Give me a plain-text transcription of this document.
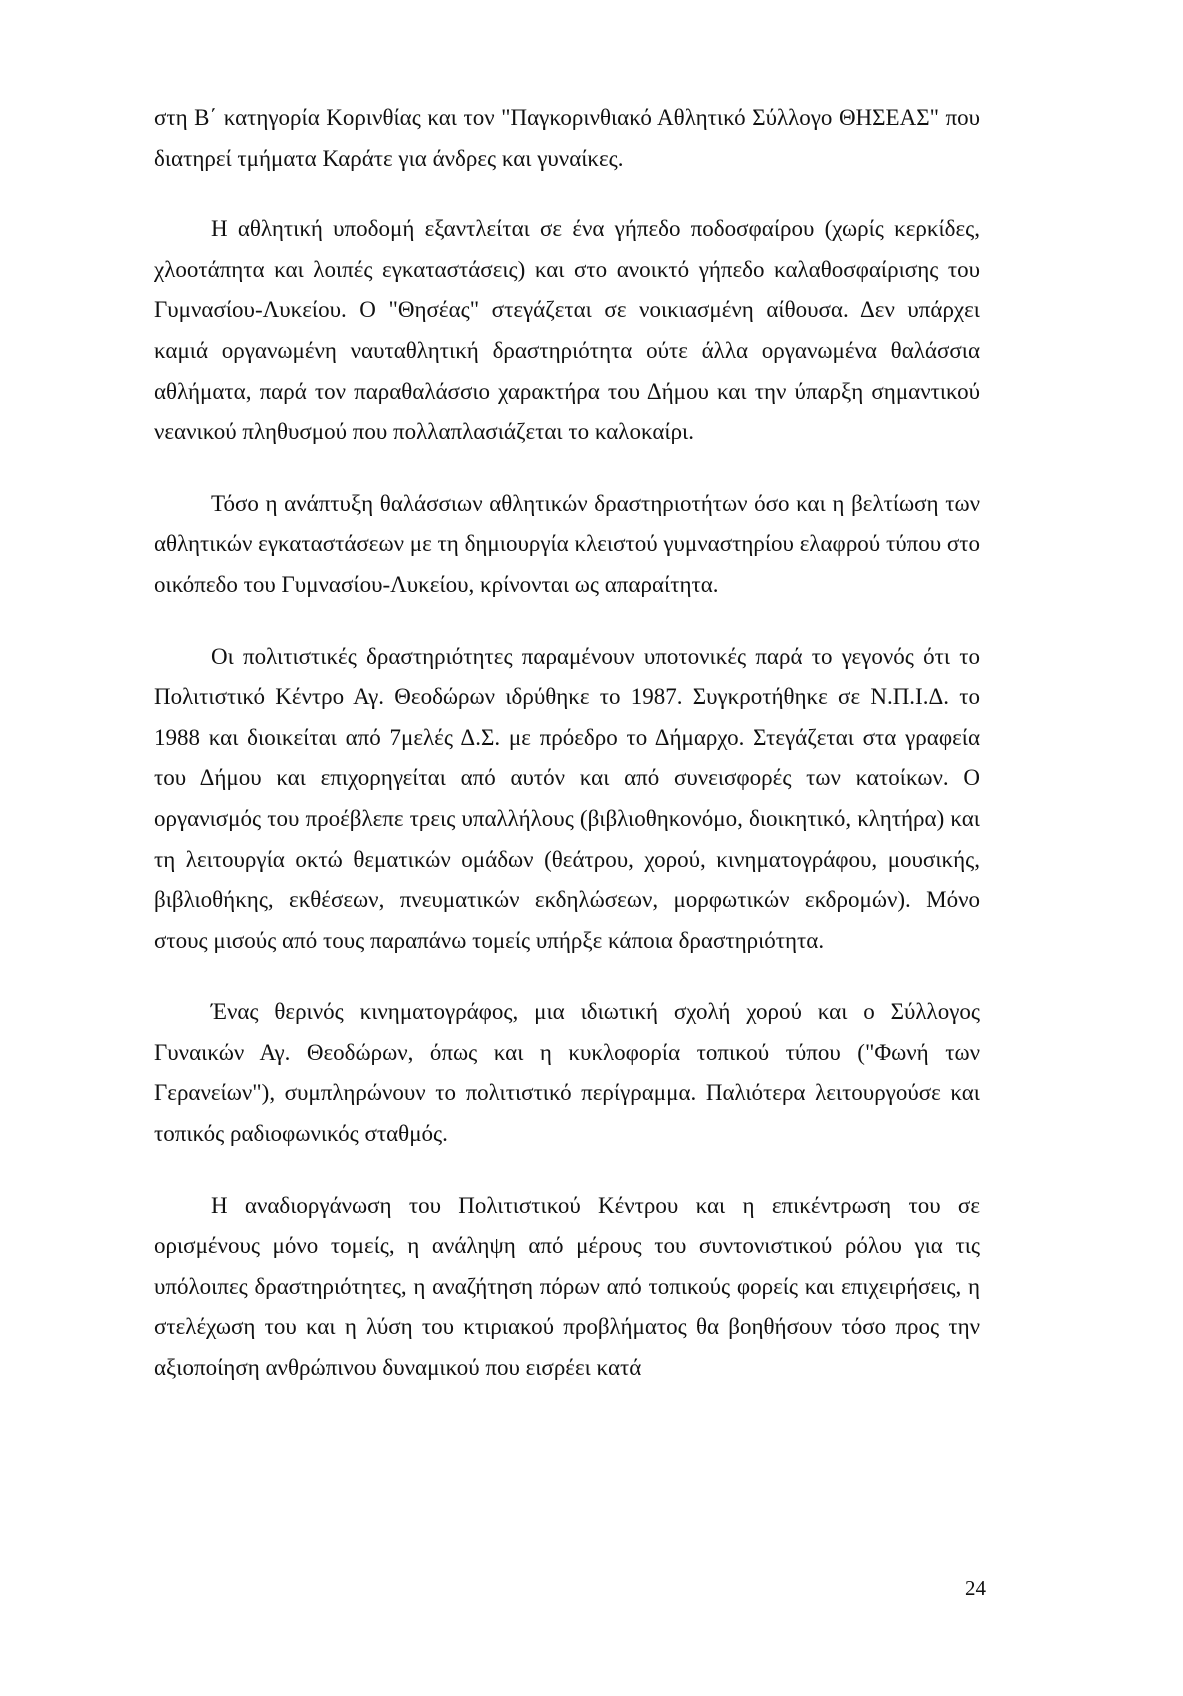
στη Β΄ κατηγορία Κορινθίας και τον "Παγκορινθιακό Αθλητικό Σύλλογο ΘΗΣΕΑΣ" που διατηρεί τμήματα Καράτε για άνδρες και γυναίκες.

Η αθλητική υποδομή εξαντλείται σε ένα γήπεδο ποδοσφαίρου (χωρίς κερκίδες, χλοοτάπητα και λοιπές εγκαταστάσεις) και στο ανοικτό γήπεδο καλαθοσφαίρισης του Γυμνασίου-Λυκείου. Ο "Θησέας" στεγάζεται σε νοικιασμένη αίθουσα. Δεν υπάρχει καμιά οργανωμένη ναυταθλητική δραστηριότητα ούτε άλλα οργανωμένα θαλάσσια αθλήματα, παρά τον παραθαλάσσιο χαρακτήρα του Δήμου και την ύπαρξη σημαντικού νεανικού πληθυσμού που πολλαπλασιάζεται το καλοκαίρι.

Τόσο η ανάπτυξη θαλάσσιων αθλητικών δραστηριοτήτων όσο και η βελτίωση των αθλητικών εγκαταστάσεων με τη δημιουργία κλειστού γυμναστηρίου ελαφρού τύπου στο οικόπεδο του Γυμνασίου-Λυκείου, κρίνονται ως απαραίτητα.

Οι πολιτιστικές δραστηριότητες παραμένουν υποτονικές παρά το γεγονός ότι το Πολιτιστικό Κέντρο Αγ. Θεοδώρων ιδρύθηκε το 1987. Συγκροτήθηκε σε Ν.Π.Ι.Δ. το 1988 και διοικείται από 7μελές Δ.Σ. με πρόεδρο το Δήμαρχο. Στεγάζεται στα γραφεία του Δήμου και επιχορηγείται από αυτόν και από συνεισφορές των κατοίκων. Ο οργανισμός του προέβλεπε τρεις υπαλλήλους (βιβλιοθηκονόμο, διοικητικό, κλητήρα) και τη λειτουργία οκτώ θεματικών ομάδων (θεάτρου, χορού, κινηματογράφου, μουσικής, βιβλιοθήκης, εκθέσεων, πνευματικών εκδηλώσεων, μορφωτικών εκδρομών). Μόνο στους μισούς από τους παραπάνω τομείς υπήρξε κάποια δραστηριότητα.

Ένας θερινός κινηματογράφος, μια ιδιωτική σχολή χορού και ο Σύλλογος Γυναικών Αγ. Θεοδώρων, όπως και η κυκλοφορία τοπικού τύπου ("Φωνή των Γερανείων"), συμπληρώνουν το πολιτιστικό περίγραμμα. Παλιότερα λειτουργούσε και τοπικός ραδιοφωνικός σταθμός.

Η αναδιοργάνωση του Πολιτιστικού Κέντρου και η επικέντρωση του σε ορισμένους μόνο τομείς, η ανάληψη από μέρους του συντονιστικού ρόλου για τις υπόλοιπες δραστηριότητες, η αναζήτηση πόρων από τοπικούς φορείς και επιχειρήσεις, η στελέχωση του και η λύση του κτιριακού προβλήματος θα βοηθήσουν τόσο προς την αξιοποίηση ανθρώπινου δυναμικού που εισρέει κατά

24
